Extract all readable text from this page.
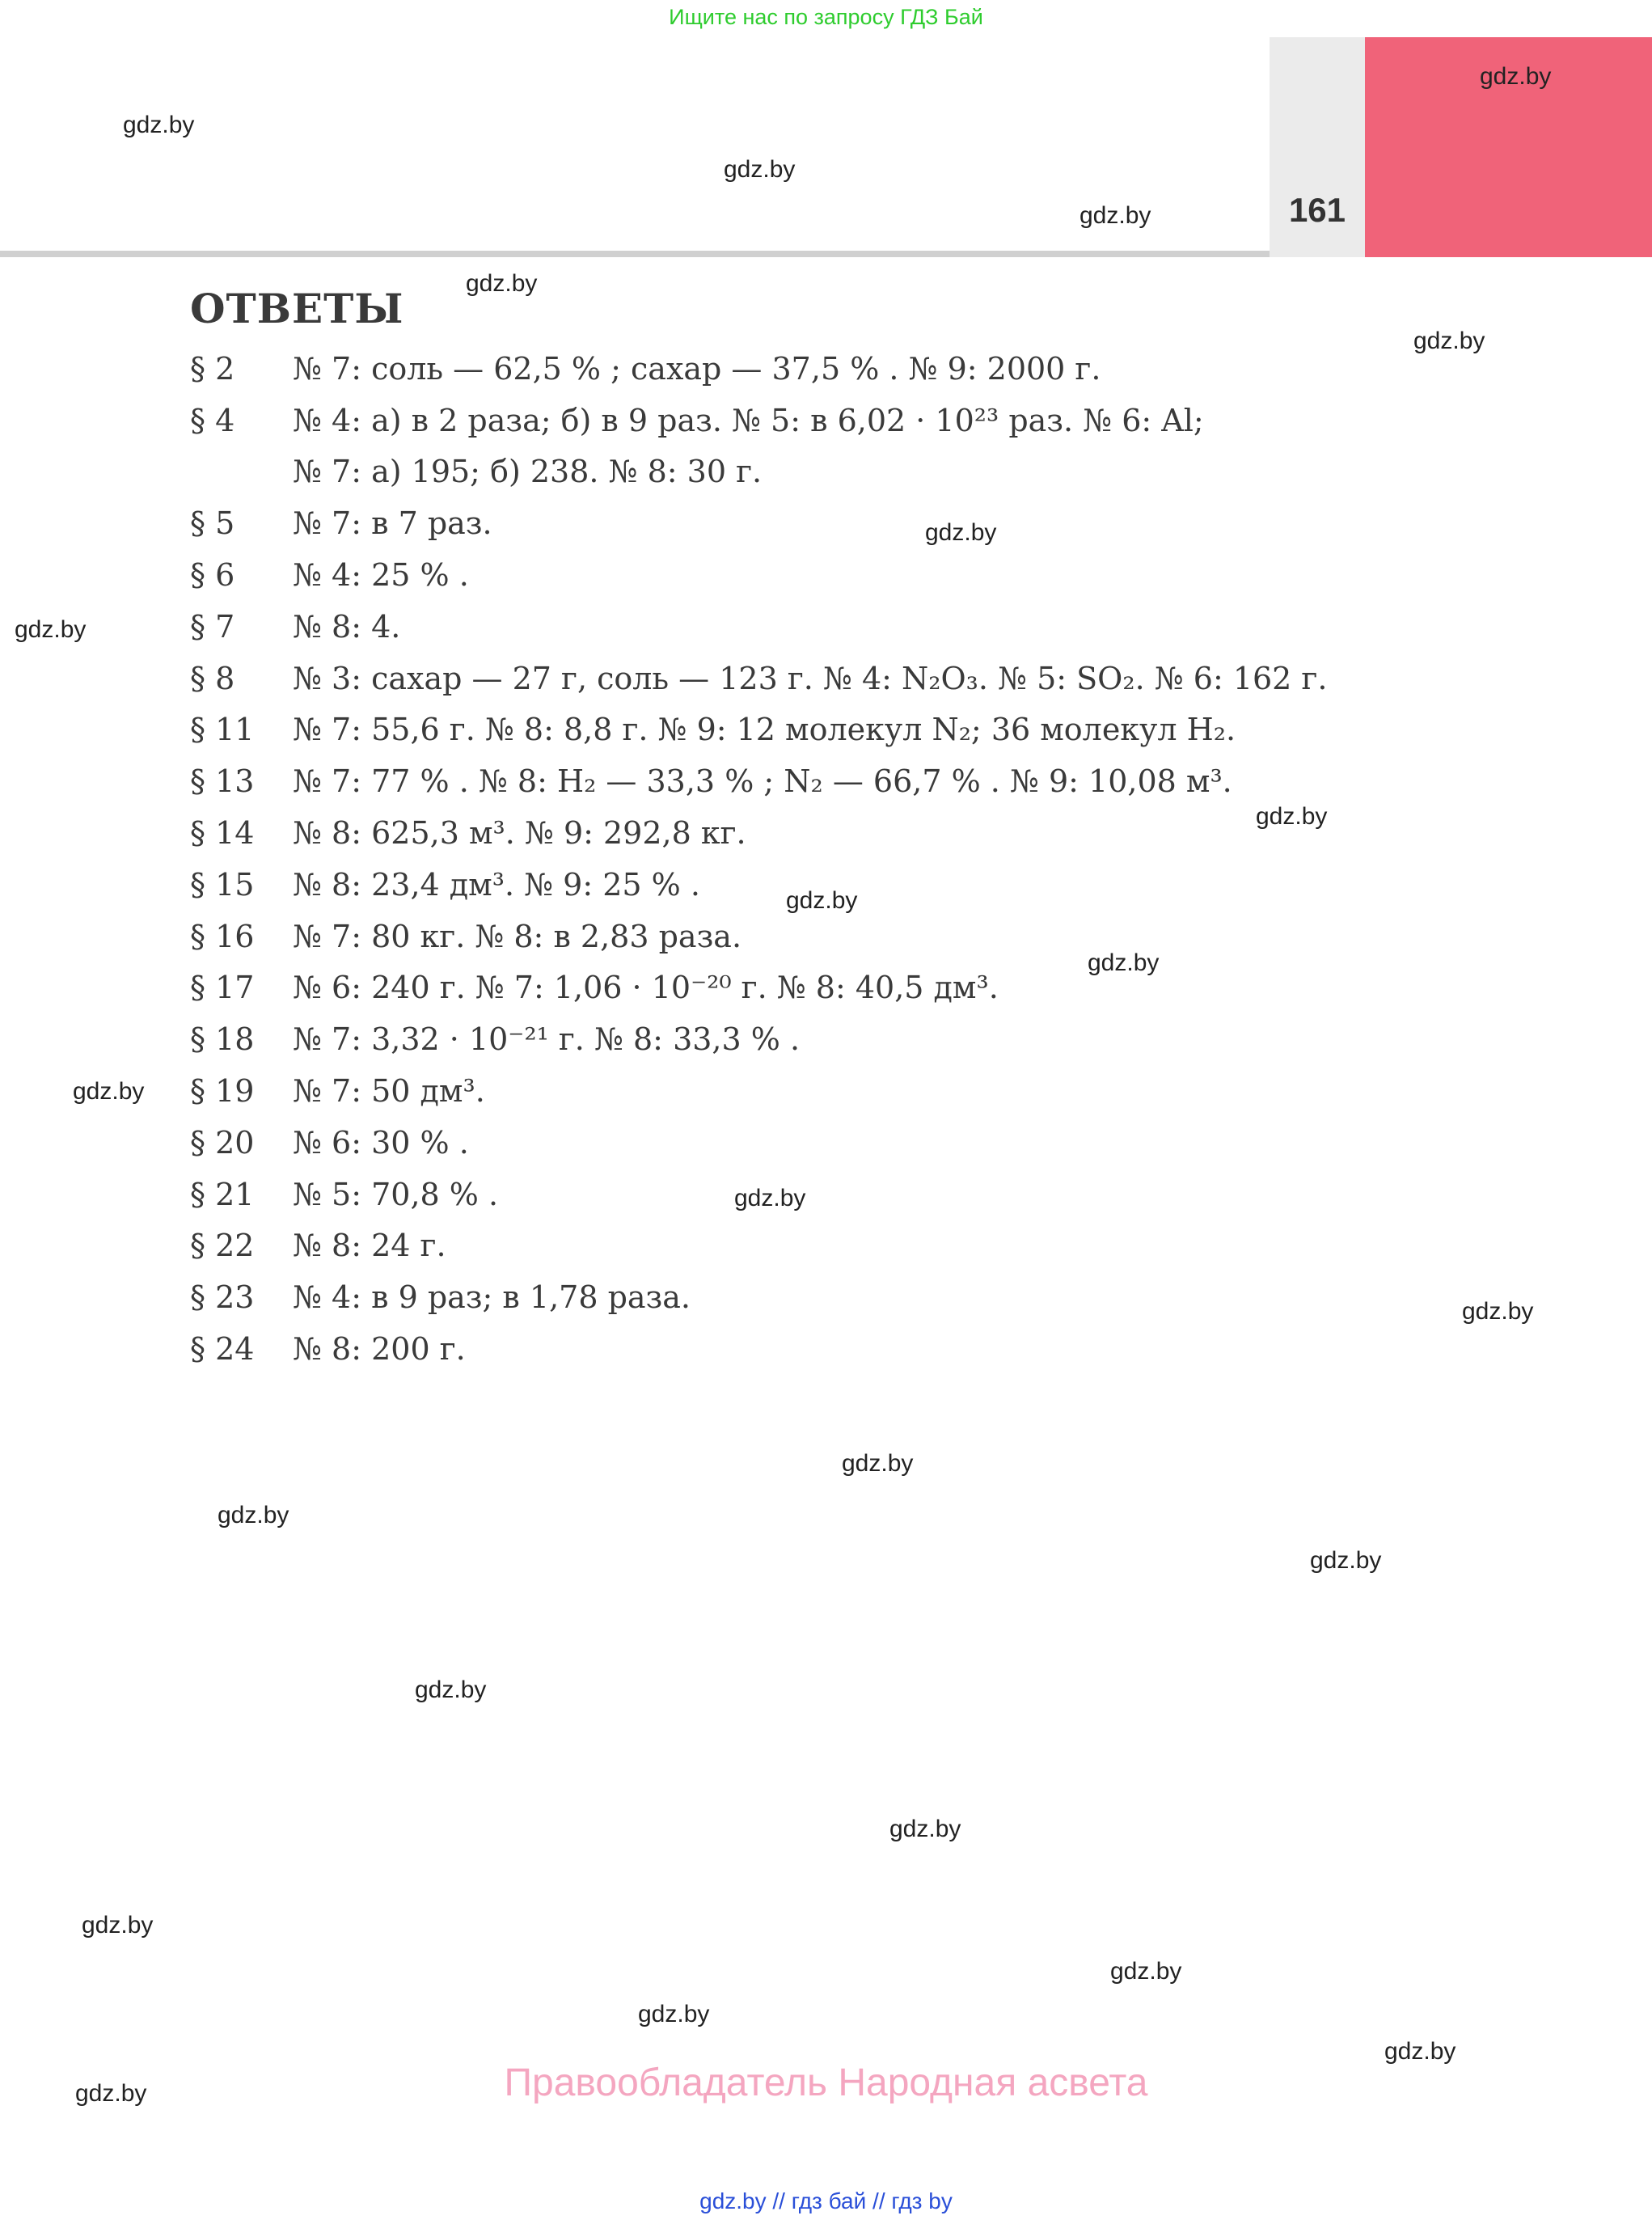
Ищите нас по запросу ГДЗ Бай
161
gdz.by
gdz.by
gdz.by
gdz.by
gdz.by
gdz.by
gdz.by
gdz.by
gdz.by
gdz.by
gdz.by
gdz.by
gdz.by
gdz.by
gdz.by
gdz.by
gdz.by
gdz.by
gdz.by
gdz.by
gdz.by
gdz.by
gdz.by
gdz.by
ОТВЕТЫ
§ 2	№ 7: соль — 62,5 % ; сахар — 37,5 % . № 9: 2000 г.
§ 4	№ 4: а) в 2 раза; б) в 9 раз. № 5: в 6,02 · 10²³ раз. № 6: Al;
№ 7: а) 195; б) 238. № 8: 30 г.
§ 5	№ 7: в 7 раз.
§ 6	№ 4: 25 % .
§ 7	№ 8: 4.
§ 8	№ 3: сахар — 27 г, соль — 123 г. № 4: N₂O₃. № 5: SO₂. № 6: 162 г.
§ 11	№ 7: 55,6 г. № 8: 8,8 г. № 9: 12 молекул N₂; 36 молекул H₂.
§ 13	№ 7: 77 % . № 8: H₂ — 33,3 % ; N₂ — 66,7 % . № 9: 10,08 м³.
§ 14	№ 8: 625,3 м³. № 9: 292,8 кг.
§ 15	№ 8: 23,4 дм³. № 9: 25 % .
§ 16	№ 7: 80 кг. № 8: в 2,83 раза.
§ 17	№ 6: 240 г. № 7: 1,06 · 10⁻²⁰ г. № 8: 40,5 дм³.
§ 18	№ 7: 3,32 · 10⁻²¹ г. № 8: 33,3 % .
§ 19	№ 7: 50 дм³.
§ 20	№ 6: 30 % .
§ 21	№ 5: 70,8 % .
§ 22	№ 8: 24 г.
§ 23	№ 4: в 9 раз; в 1,78 раза.
§ 24	№ 8: 200 г.
Правообладатель Народная асвета
gdz.by // гдз бай // гдз by
